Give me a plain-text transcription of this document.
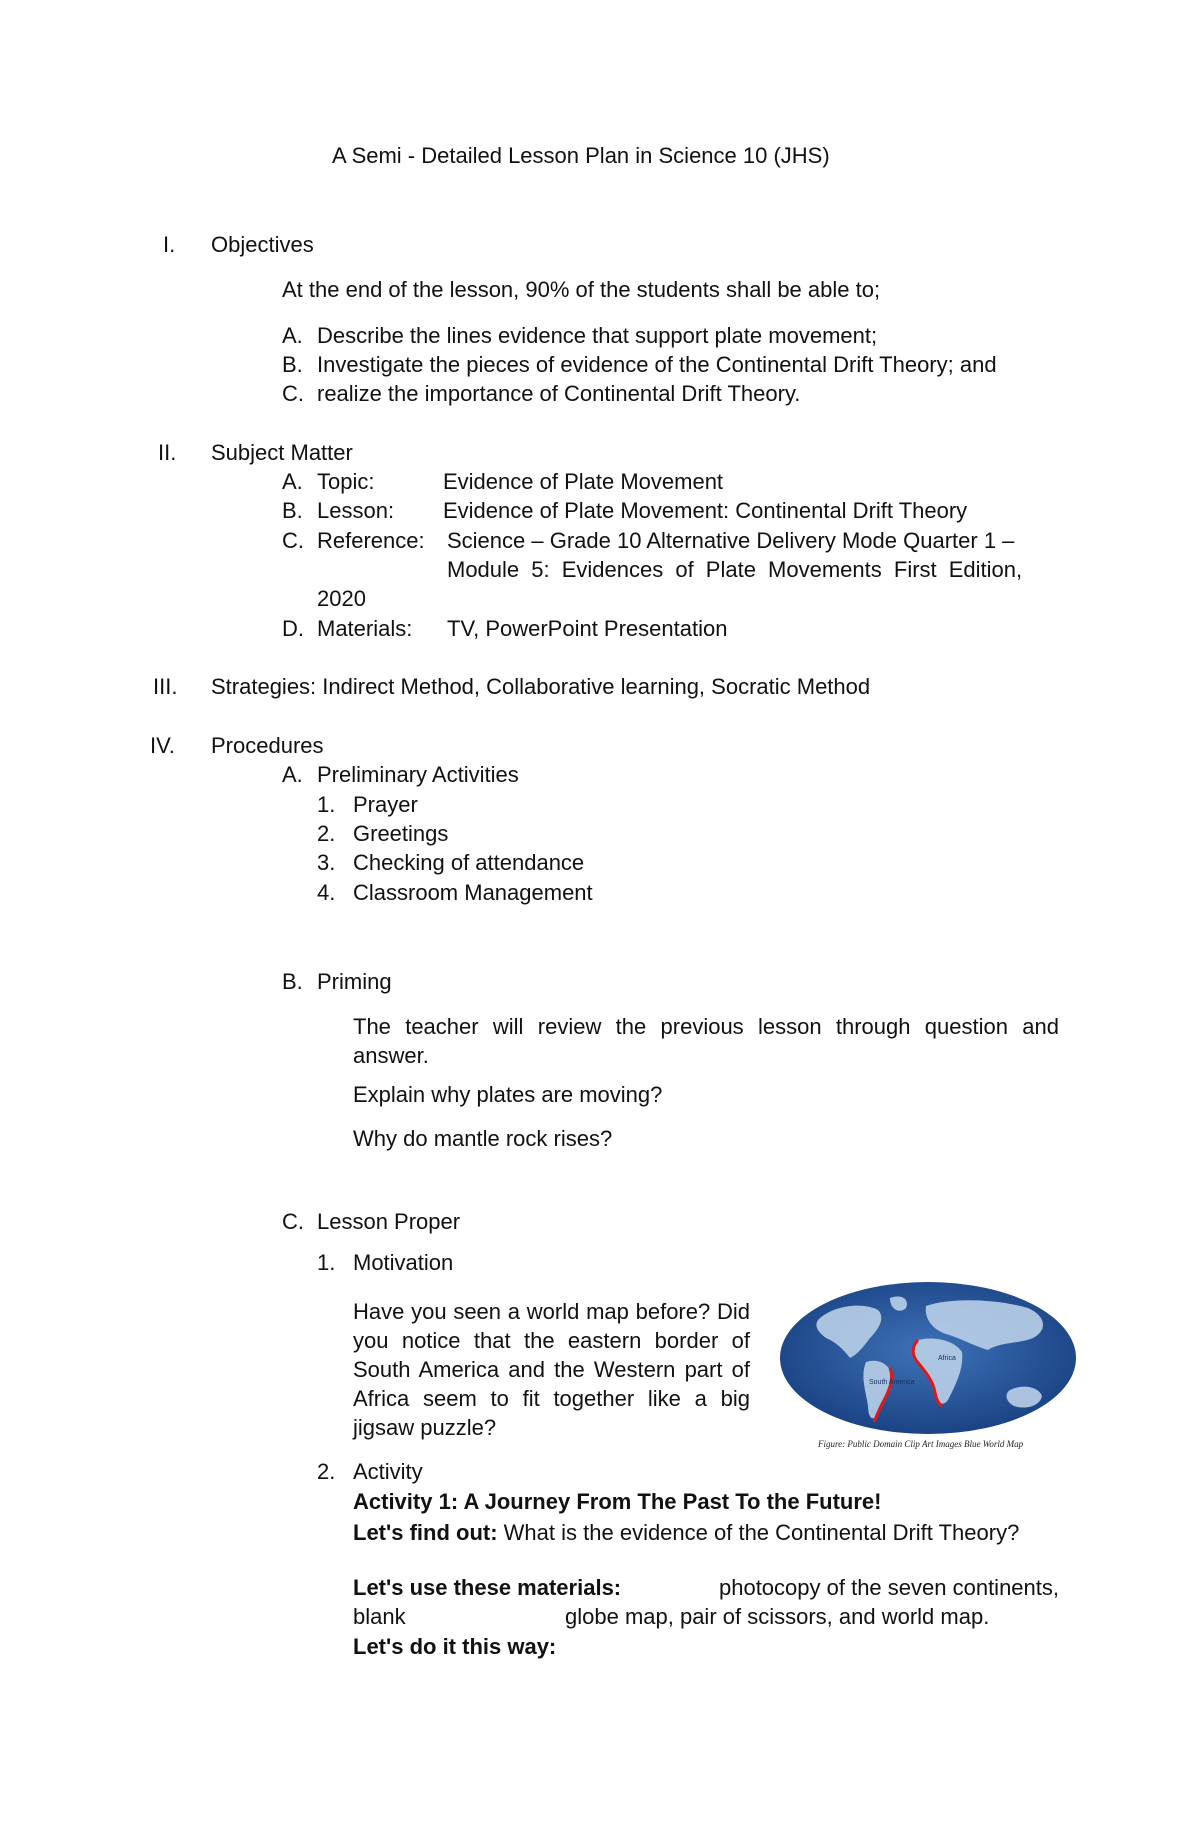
A Semi - Detailed Lesson Plan in Science 10 (JHS)
I. Objectives
At the end of the lesson, 90% of the students shall be able to;
A. Describe the lines evidence that support plate movement;
B. Investigate the pieces of evidence of the Continental Drift Theory; and
C. realize the importance of Continental Drift Theory.
II. Subject Matter
A. Topic:	Evidence of Plate Movement
B. Lesson: Evidence of Plate Movement: Continental Drift Theory
C. Reference: Science – Grade 10 Alternative Delivery Mode Quarter 1 –
Module 5: Evidences of Plate Movements First Edition,
2020
D. Materials: TV, PowerPoint Presentation
III. Strategies: Indirect Method, Collaborative learning, Socratic Method
IV. Procedures
A. Preliminary Activities
1. Prayer
2. Greetings
3. Checking of attendance
4. Classroom Management
B. Priming
The teacher will review the previous lesson through question and answer.
Explain why plates are moving?
Why do mantle rock rises?
C. Lesson Proper
1. Motivation
Have you seen a world map before? Did you notice that the eastern border of South America and the Western part of Africa seem to fit together like a big jigsaw puzzle?
South America
Africa
Figure: Public Domain Clip Art Images Blue World Map
2. Activity
Activity 1: A Journey From The Past To the Future!
Let's find out: What is the evidence of the Continental Drift Theory?
Let's use these materials:	photocopy of the seven continents,
blank	globe map, pair of scissors, and world map.
Let's do it this way:
